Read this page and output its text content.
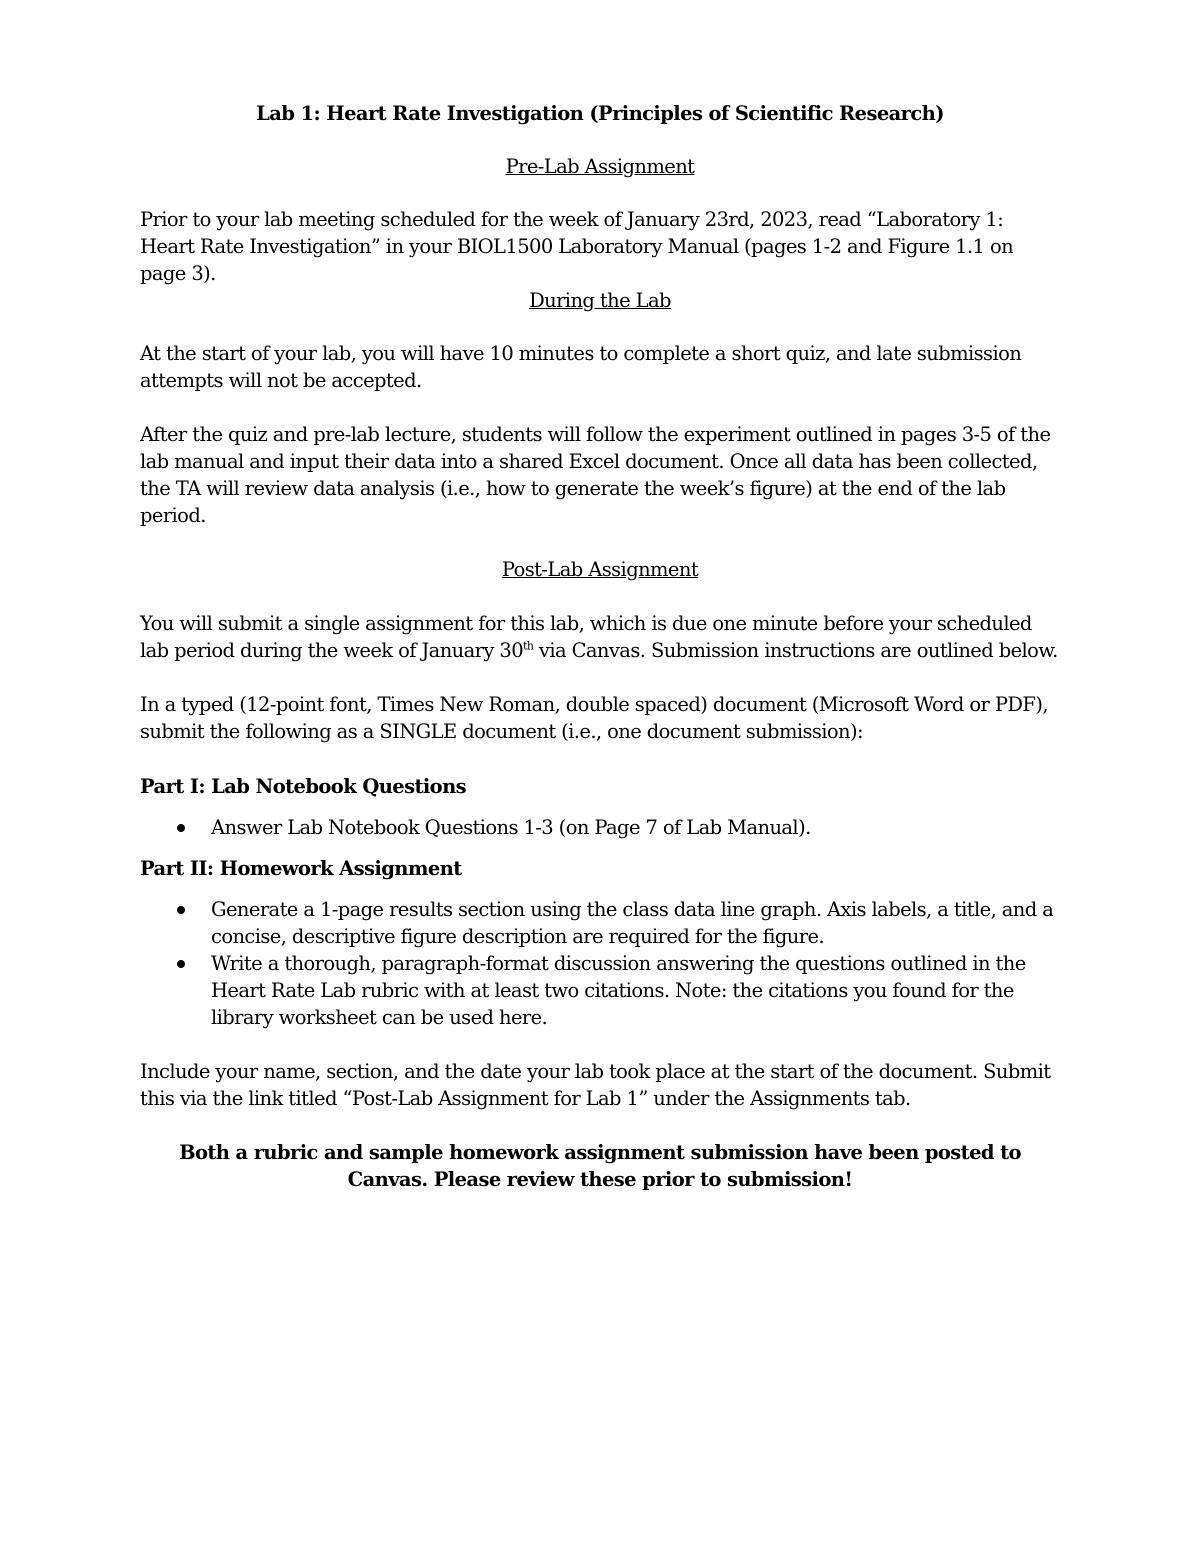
Lab 1: Heart Rate Investigation (Principles of Scientific Research)

Pre-Lab Assignment

Prior to your lab meeting scheduled for the week of January 23rd, 2023, read “Laboratory 1: Heart Rate Investigation” in your BIOL1500 Laboratory Manual (pages 1-2 and Figure 1.1 on page 3).

During the Lab

At the start of your lab, you will have 10 minutes to complete a short quiz, and late submission attempts will not be accepted.

After the quiz and pre-lab lecture, students will follow the experiment outlined in pages 3-5 of the lab manual and input their data into a shared Excel document. Once all data has been collected, the TA will review data analysis (i.e., how to generate the week’s figure) at the end of the lab period.

Post-Lab Assignment

You will submit a single assignment for this lab, which is due one minute before your scheduled lab period during the week of January 30th via Canvas. Submission instructions are outlined below.

In a typed (12-point font, Times New Roman, double spaced) document (Microsoft Word or PDF), submit the following as a SINGLE document (i.e., one document submission):

Part I: Lab Notebook Questions

Answer Lab Notebook Questions 1-3 (on Page 7 of Lab Manual).

Part II: Homework Assignment

Generate a 1-page results section using the class data line graph. Axis labels, a title, and a concise, descriptive figure description are required for the figure.
Write a thorough, paragraph-format discussion answering the questions outlined in the Heart Rate Lab rubric with at least two citations. Note: the citations you found for the library worksheet can be used here.

Include your name, section, and the date your lab took place at the start of the document. Submit this via the link titled “Post-Lab Assignment for Lab 1” under the Assignments tab.

Both a rubric and sample homework assignment submission have been posted to Canvas. Please review these prior to submission!
